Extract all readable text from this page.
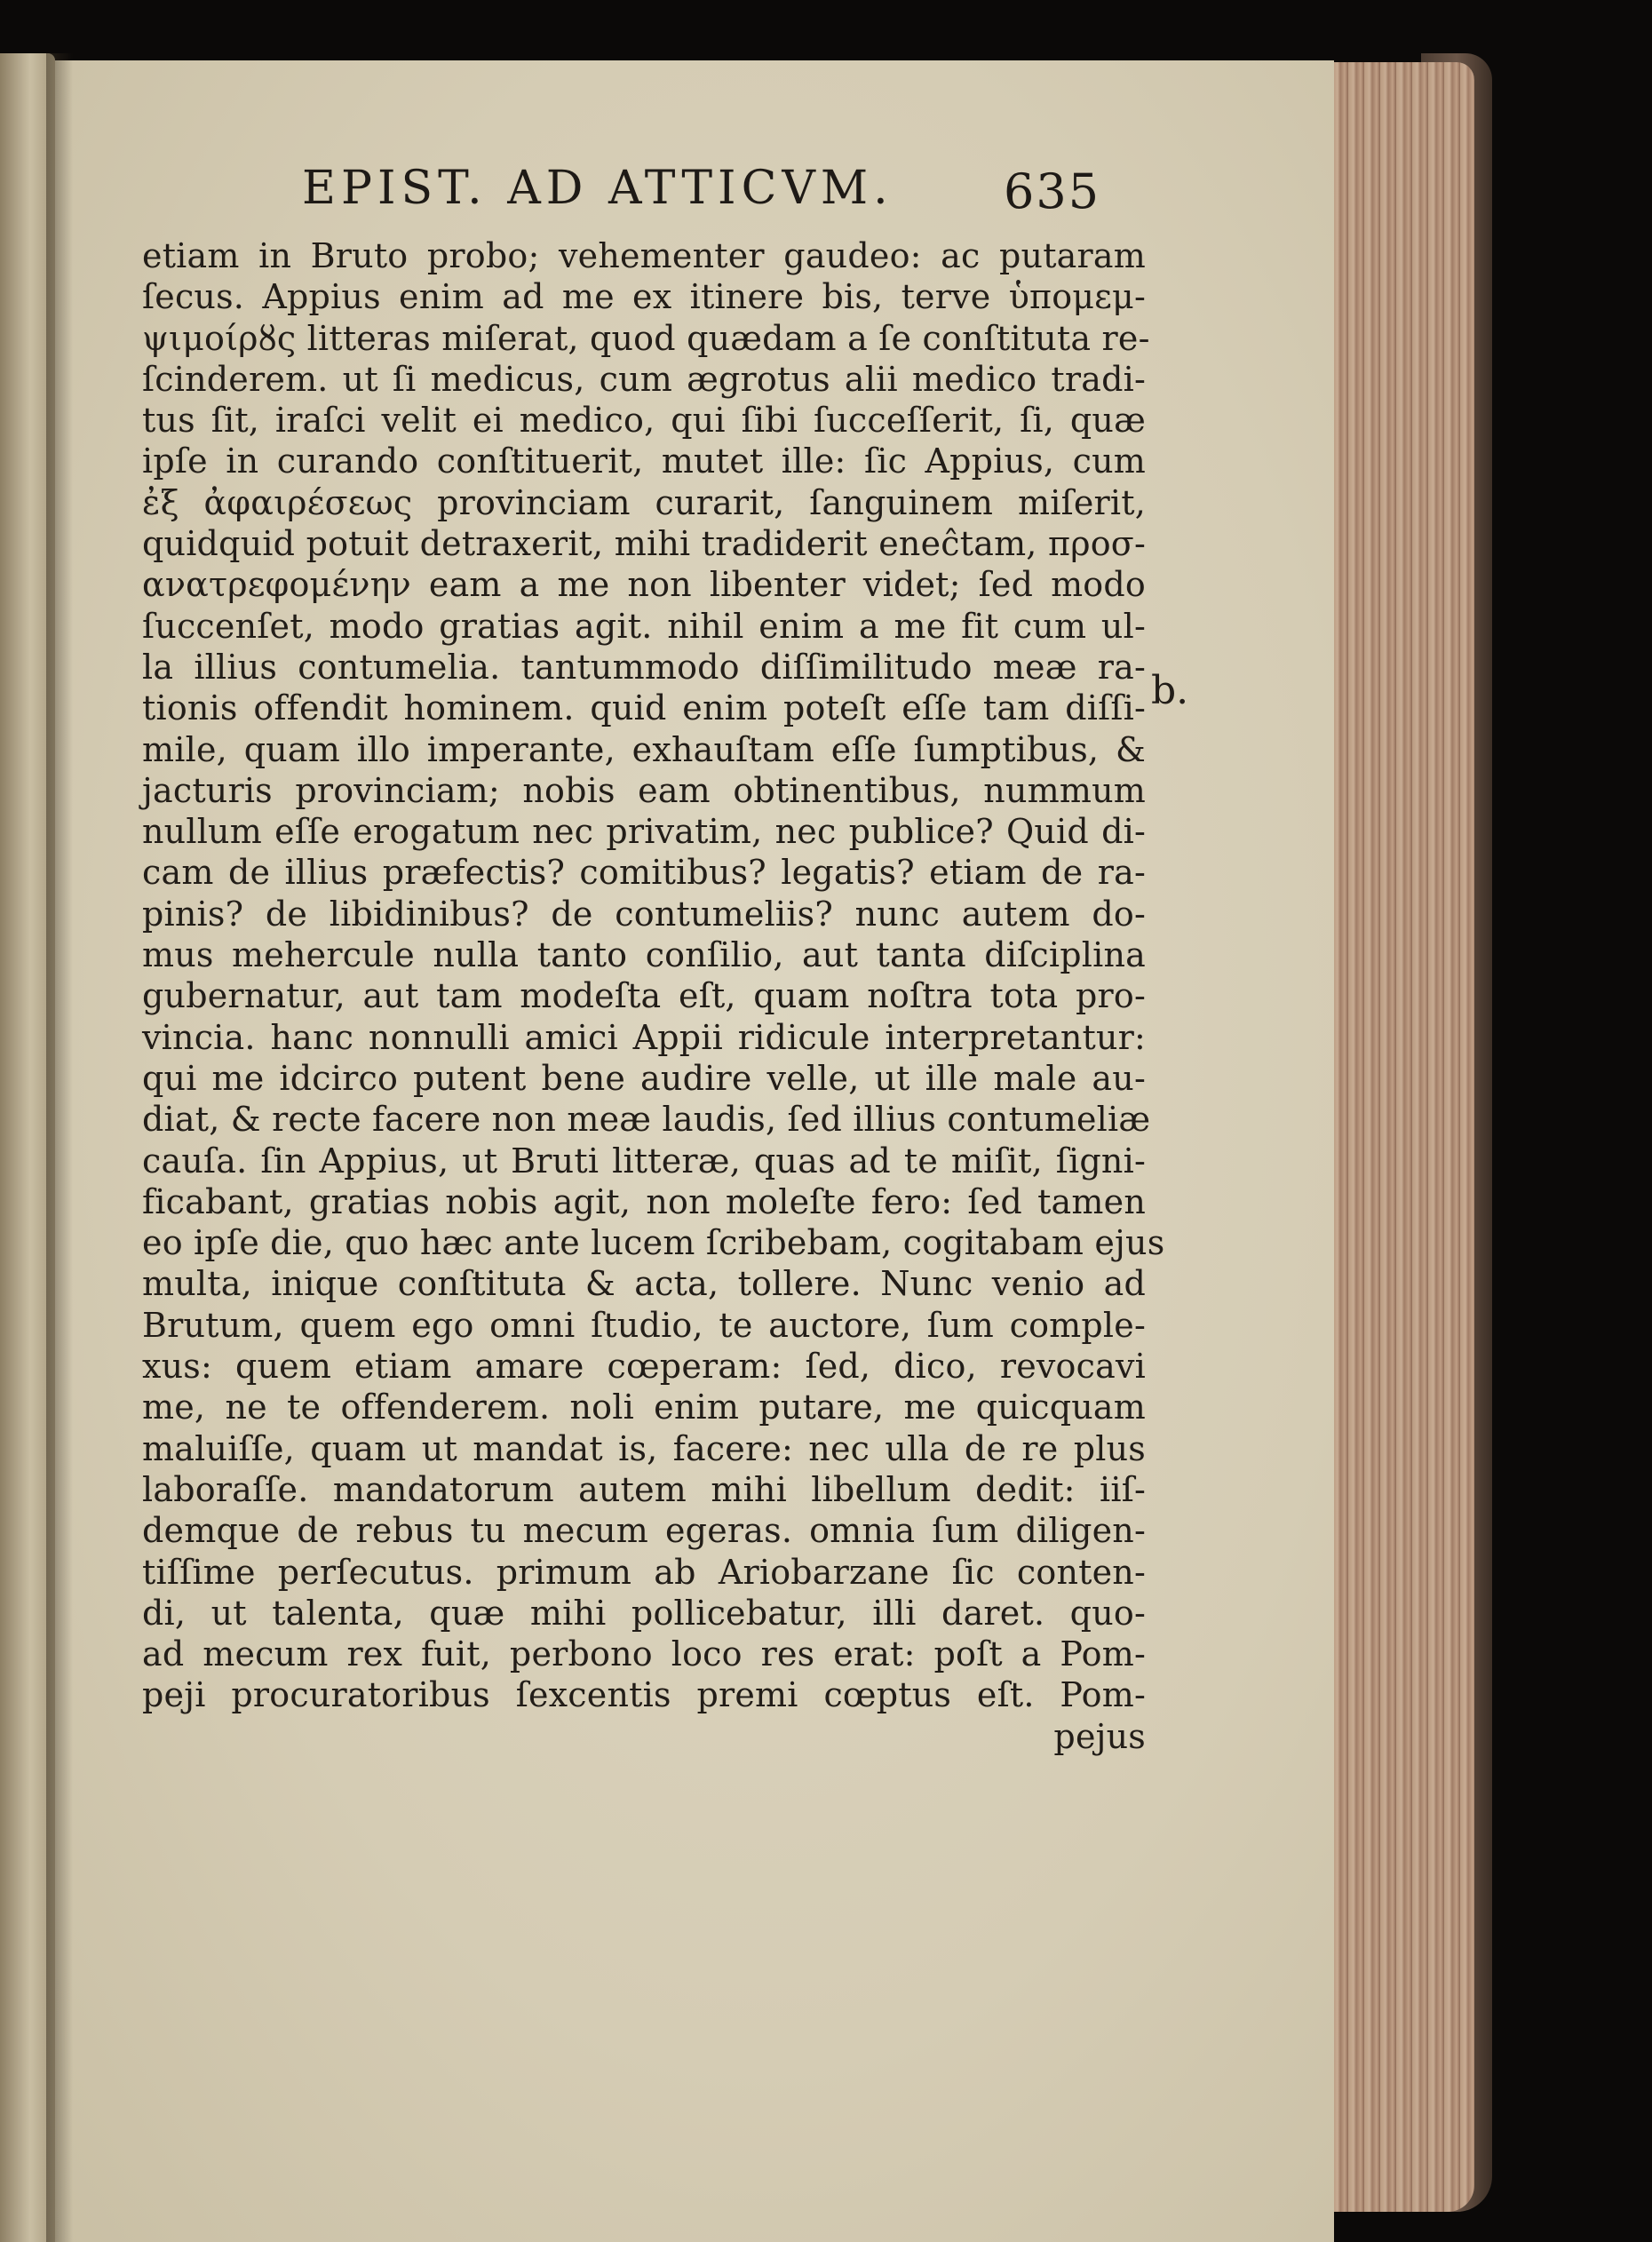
EPIST. AD ATTICVM.	635
b.
etiam in Bruto probo; vehementer gaudeo: ac putaram
ſecus. Appius enim ad me ex itinere bis, terve ὑπομεμ-
ψιμοίρȣς litteras miſerat, quod quædam a ſe conſtituta re-
ſcinderem. ut ſi medicus, cum ægrotus alii medico tradi-
tus ſit, iraſci velit ei medico, qui ſibi ſucceſſerit, ſi, quæ
ipſe in curando conſtituerit, mutet ille: ſic Appius, cum
ἐξ ἀφαιρέσεως provinciam curarit, ſanguinem miſerit,
quidquid potuit detraxerit, mihi tradiderit eneĉtam, προσ-
ανατρεφομένην eam a me non libenter videt; ſed modo
ſuccenſet, modo gratias agit. nihil enim a me fit cum ul-
la illius contumelia. tantummodo diſſimilitudo meæ ra-
tionis offendit hominem. quid enim poteſt eſſe tam diſſi-
mile, quam illo imperante, exhauſtam eſſe ſumptibus, &
jacturis provinciam; nobis eam obtinentibus, nummum
nullum eſſe erogatum nec privatim, nec publice? Quid di-
cam de illius præfectis? comitibus? legatis? etiam de ra-
pinis? de libidinibus? de contumeliis? nunc autem do-
mus mehercule nulla tanto conſilio, aut tanta diſciplina
gubernatur, aut tam modeſta eſt, quam noſtra tota pro-
vincia. hanc nonnulli amici Appii ridicule interpretantur:
qui me idcirco putent bene audire velle, ut ille male au-
diat, & recte facere non meæ laudis, ſed illius contumeliæ
cauſa. ſin Appius, ut Bruti litteræ, quas ad te miſit, ſigni-
ficabant, gratias nobis agit, non moleſte fero: ſed tamen
eo ipſe die, quo hæc ante lucem ſcribebam, cogitabam ejus
multa, inique conſtituta & acta, tollere. Nunc venio ad
Brutum, quem ego omni ſtudio, te auctore, ſum comple-
xus: quem etiam amare cœperam: ſed, dico, revocavi
me, ne te offenderem. noli enim putare, me quicquam
maluiſſe, quam ut mandat is, facere: nec ulla de re plus
laboraſſe. mandatorum autem mihi libellum dedit: iiſ-
demque de rebus tu mecum egeras. omnia ſum diligen-
tiſſime perſecutus. primum ab Ariobarzane ſic conten-
di, ut talenta, quæ mihi pollicebatur, illi daret. quo-
ad mecum rex fuit, perbono loco res erat: poſt a Pom-
peji procuratoribus ſexcentis premi cœptus eſt. Pom-
pejus
